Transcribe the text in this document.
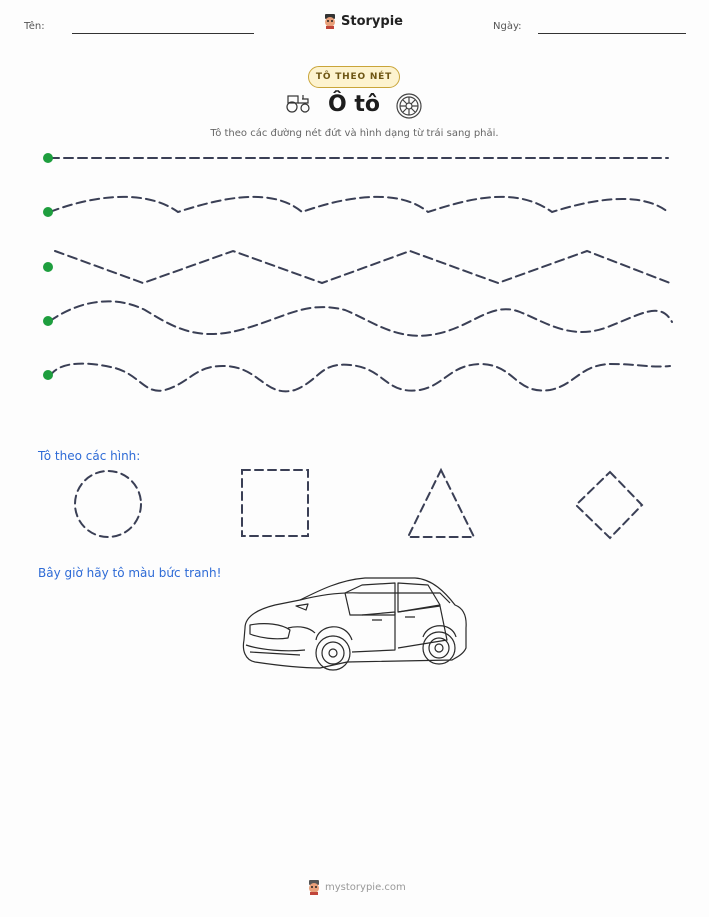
Tên:	Storypie	Ngày:
TÔ THEO NÉT
Ô tô
Tô theo các đường nét đứt và hình dạng từ trái sang phải.
Tô theo các hình:
Bây giờ hãy tô màu bức tranh!
mystorypie.com
